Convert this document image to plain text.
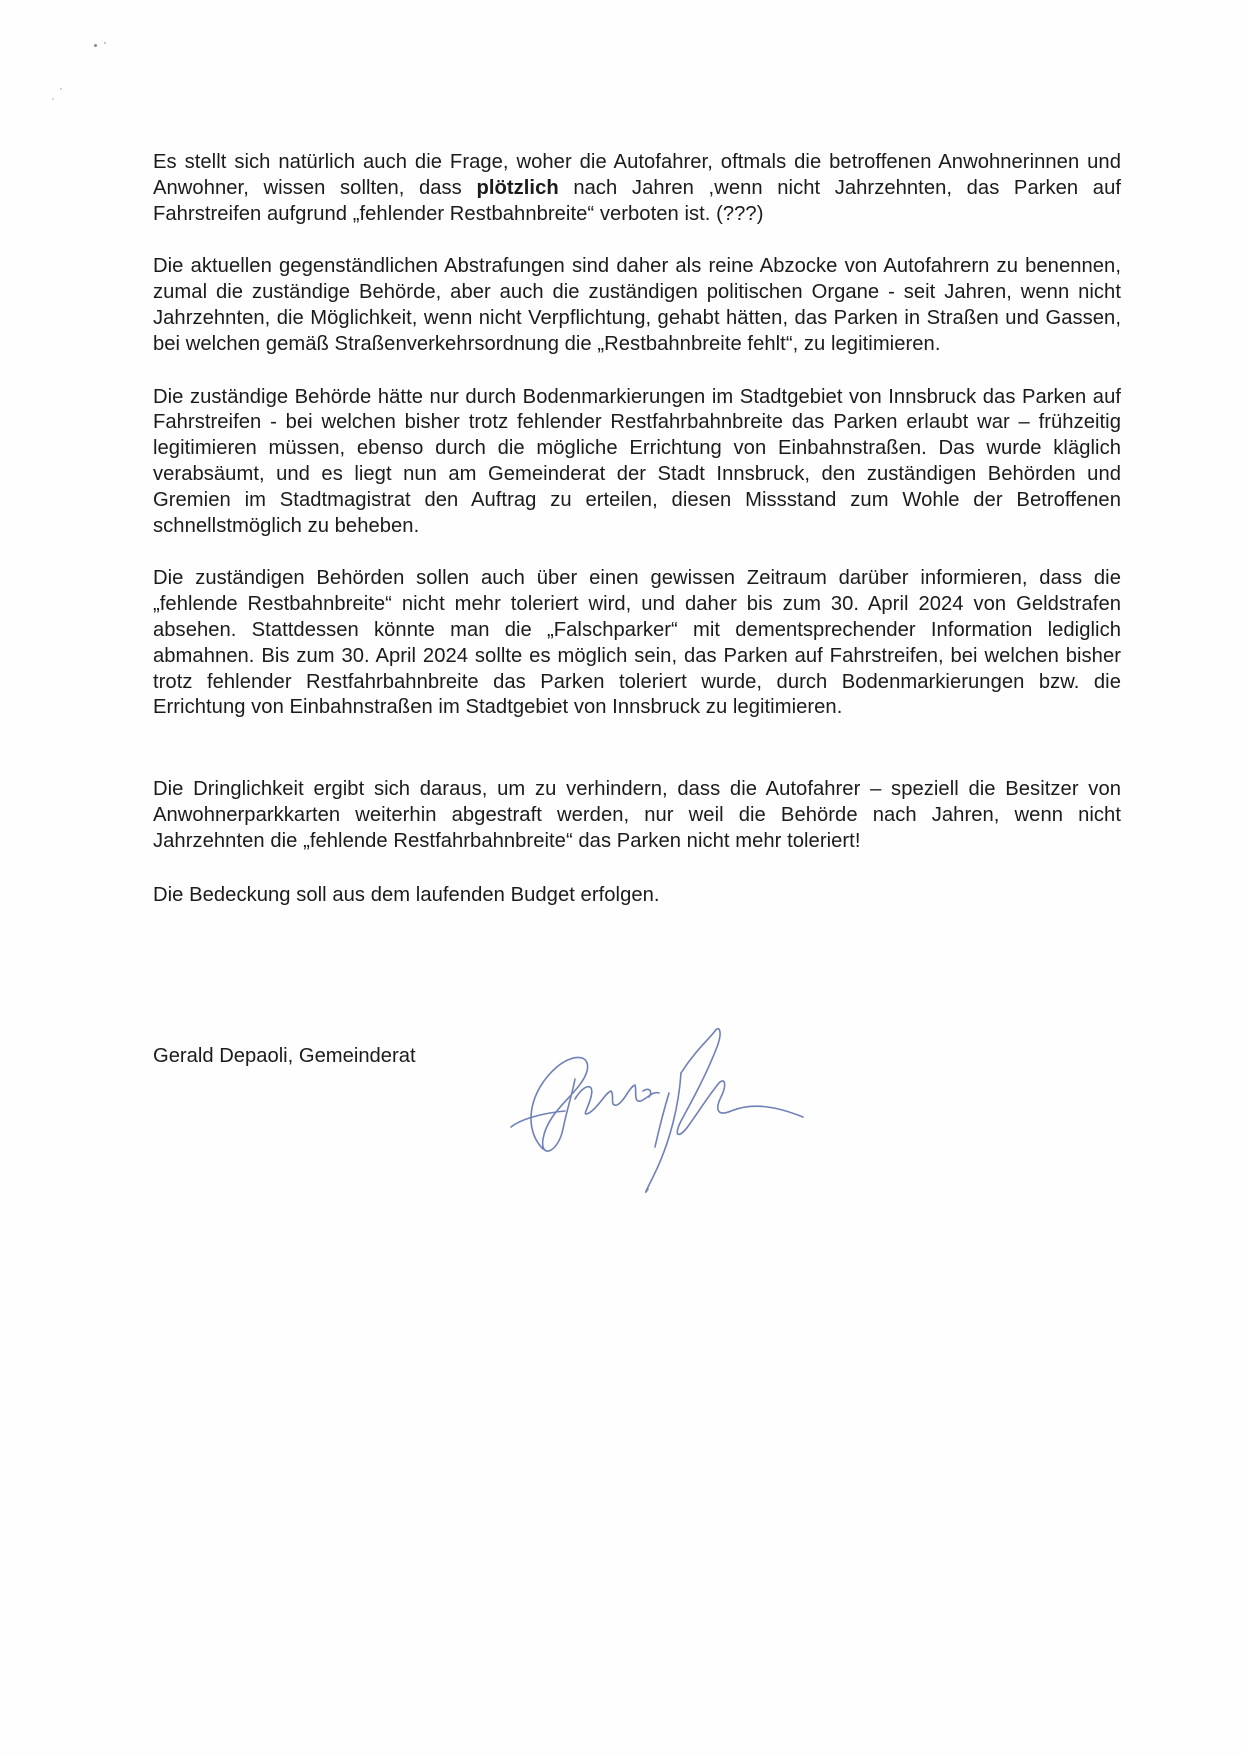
Es stellt sich natürlich auch die Frage, woher die Autofahrer, oftmals die betroffenen Anwohnerinnen und Anwohner, wissen sollten, dass plötzlich nach Jahren ,wenn nicht Jahrzehnten, das Parken auf Fahrstreifen aufgrund „fehlender Restbahnbreite“ verboten ist. (???)

Die aktuellen gegenständlichen Abstrafungen sind daher als reine Abzocke von Autofahrern zu benennen, zumal die zuständige Behörde, aber auch die zuständigen politischen Organe - seit Jahren, wenn nicht Jahrzehnten, die Möglichkeit, wenn nicht Verpflichtung, gehabt hätten, das Parken in Straßen und Gassen, bei welchen gemäß Straßenverkehrsordnung die „Restbahnbreite fehlt“, zu legitimieren.

Die zuständige Behörde hätte nur durch Bodenmarkierungen im Stadtgebiet von Innsbruck das Parken auf Fahrstreifen - bei welchen bisher trotz fehlender Restfahrbahnbreite das Parken erlaubt war – frühzeitig legitimieren müssen, ebenso durch die mögliche Errichtung von Einbahnstraßen. Das wurde kläglich verabsäumt, und es liegt nun am Gemeinderat der Stadt Innsbruck, den zuständigen Behörden und Gremien im Stadtmagistrat den Auftrag zu erteilen, diesen Missstand zum Wohle der Betroffenen schnellstmöglich zu beheben.

Die zuständigen Behörden sollen auch über einen gewissen Zeitraum darüber informieren, dass die „fehlende Restbahnbreite“ nicht mehr toleriert wird, und daher bis zum 30. April 2024 von Geldstrafen absehen. Stattdessen könnte man die „Falschparker“ mit dementsprechender Information lediglich abmahnen. Bis zum 30. April 2024 sollte es möglich sein, das Parken auf Fahrstreifen, bei welchen bisher trotz fehlender Restfahrbahnbreite das Parken toleriert wurde, durch Bodenmarkierungen bzw. die Errichtung von Einbahnstraßen im Stadtgebiet von Innsbruck zu legitimieren.

Die Dringlichkeit ergibt sich daraus, um zu verhindern, dass die Autofahrer – speziell die Besitzer von Anwohnerparkkarten weiterhin abgestraft werden, nur weil die Behörde nach Jahren, wenn nicht Jahrzehnten die „fehlende Restfahrbahnbreite“ das Parken nicht mehr toleriert!

Die Bedeckung soll aus dem laufenden Budget erfolgen.

Gerald Depaoli, Gemeinderat
